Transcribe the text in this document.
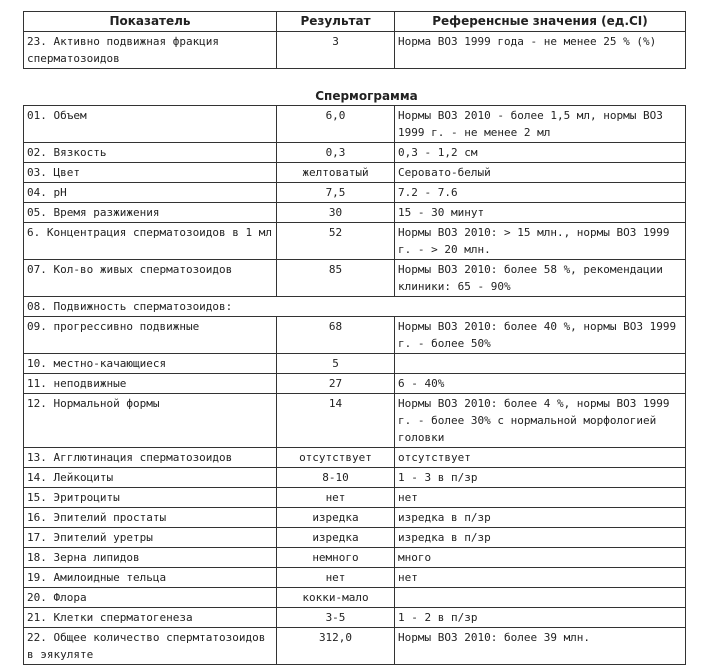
Показатель	Результат	Референсные значения (ед.СI)
23. Активно подвижная фракция сперматозоидов	3	Норма ВОЗ 1999 года - не менее 25 % (%)
Спермограмма
01. Объем	6,0	Нормы ВОЗ 2010 - более 1,5 мл, нормы ВОЗ 1999 г. - не менее 2 мл
02. Вязкость	0,3	0,3 - 1,2 см
03. Цвет	желтоватый	Серовато-белый
04. pH	7,5	7.2 - 7.6
05. Время разжижения	30	15 - 30 минут
6. Концентрация сперматозоидов в 1 мл	52	Нормы ВОЗ 2010: > 15 млн., нормы ВОЗ 1999 г. - > 20 млн.
07. Кол-во живых сперматозоидов	85	Нормы ВОЗ 2010: более 58 %, рекомендации клиники: 65 - 90%
08. Подвижность сперматозоидов:		
09. прогрессивно подвижные	68	Нормы ВОЗ 2010: более 40 %, нормы ВОЗ 1999 г. - более 50%
10. местно-качающиеся	5	
11. неподвижные	27	6 - 40%
12. Нормальной формы	14	Нормы ВОЗ 2010: более 4 %, нормы ВОЗ 1999 г. - более 30% с нормальной морфологией головки
13. Агглютинация сперматозоидов	отсутствует	отсутствует
14. Лейкоциты	8-10	1 - 3 в п/зр
15. Эритроциты	нет	нет
16. Эпителий простаты	изредка	изредка в п/зр
17. Эпителий уретры	изредка	изредка в п/зр
18. Зерна липидов	немного	много
19. Амилоидные тельца	нет	нет
20. Флора	кокки-мало	
21. Клетки сперматогенеза	3-5	1 - 2 в п/зр
22. Общее количество спермтатозоидов в эякуляте	312,0	Нормы ВОЗ 2010: более 39 млн.
